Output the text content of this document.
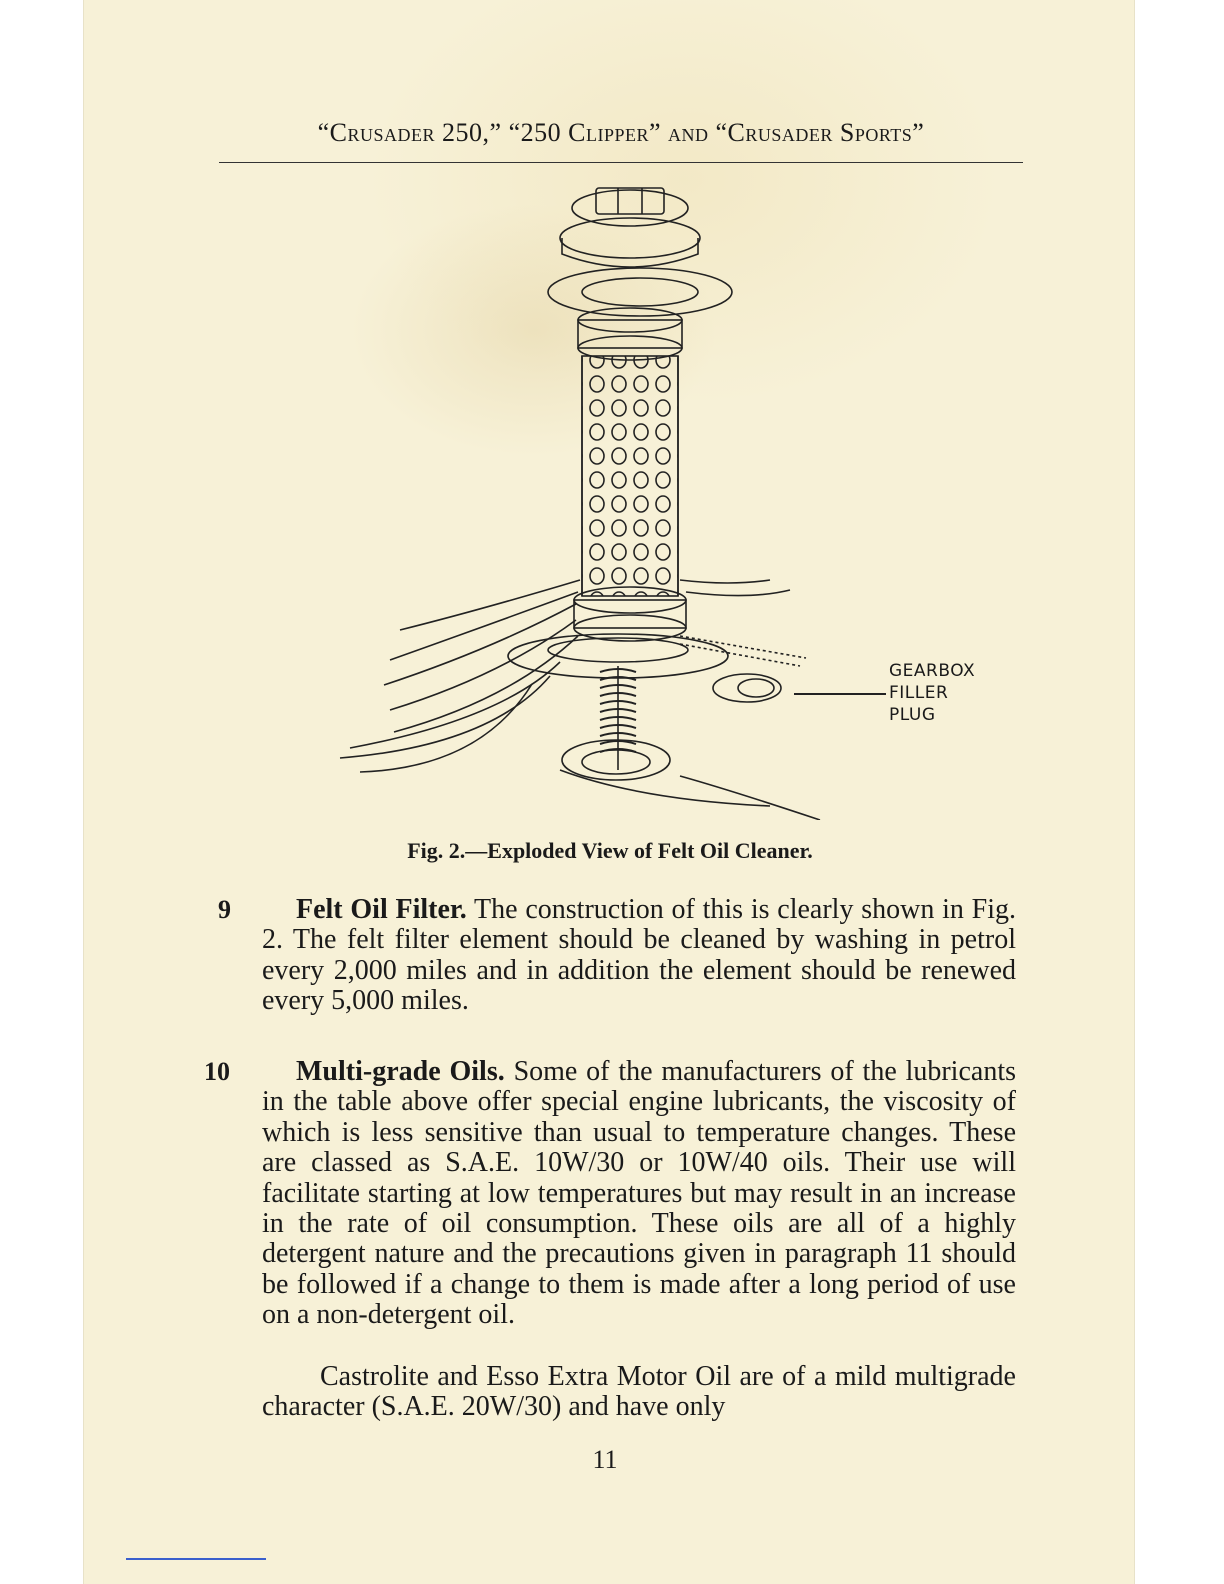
“Crusader 250,” “250 Clipper” and “Crusader Sports”
GEARBOX
FILLER
PLUG
Fig. 2.—Exploded View of Felt Oil Cleaner.
9	Felt Oil Filter. The construction of this is clearly shown in Fig. 2. The felt filter element should be cleaned by washing in petrol every 2,000 miles and in addition the element should be renewed every 5,000 miles.
10	Multi-grade Oils. Some of the manufacturers of the lubricants in the table above offer special engine lubricants, the viscosity of which is less sensitive than usual to temperature changes. These are classed as S.A.E. 10W/30 or 10W/40 oils. Their use will facilitate starting at low temperatures but may result in an increase in the rate of oil consumption. These oils are all of a highly detergent nature and the precautions given in paragraph 11 should be followed if a change to them is made after a long period of use on a non-detergent oil.
Castrolite and Esso Extra Motor Oil are of a mild multigrade character (S.A.E. 20W/30) and have only
11
